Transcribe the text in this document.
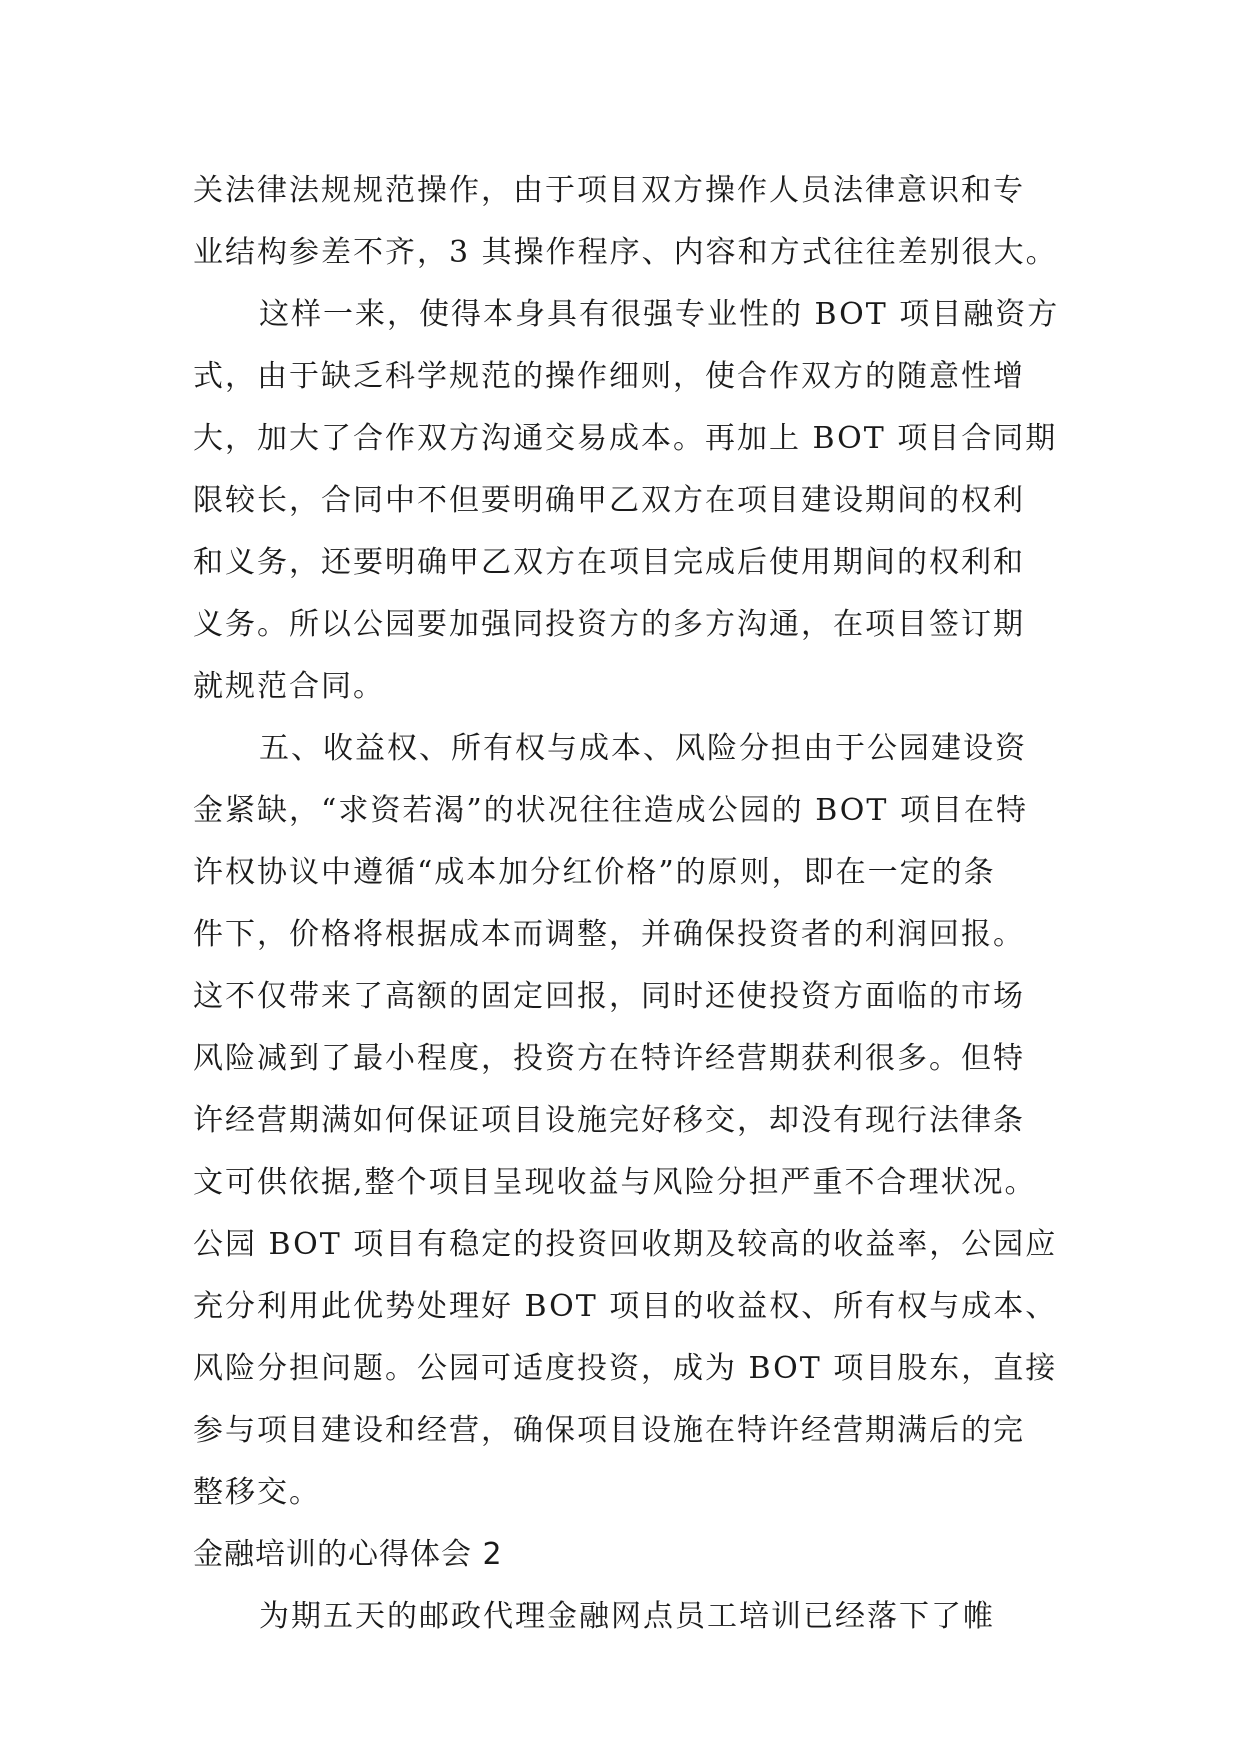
关法律法规规范操作，由于项目双方操作人员法律意识和专
业结构参差不齐，3 其操作程序、内容和方式往往差别很大。
这样一来，使得本身具有很强专业性的 BOT 项目融资方
式，由于缺乏科学规范的操作细则，使合作双方的随意性增
大，加大了合作双方沟通交易成本。再加上 BOT 项目合同期
限较长，合同中不但要明确甲乙双方在项目建设期间的权利
和义务，还要明确甲乙双方在项目完成后使用期间的权利和
义务。所以公园要加强同投资方的多方沟通，在项目签订期
就规范合同。
五、收益权、所有权与成本、风险分担由于公园建设资
金紧缺，“求资若渴”的状况往往造成公园的 BOT 项目在特
许权协议中遵循“成本加分红价格”的原则，即在一定的条
件下，价格将根据成本而调整，并确保投资者的利润回报。
这不仅带来了高额的固定回报，同时还使投资方面临的市场
风险减到了最小程度，投资方在特许经营期获利很多。但特
许经营期满如何保证项目设施完好移交，却没有现行法律条
文可供依据,整个项目呈现收益与风险分担严重不合理状况。
公园 BOT 项目有稳定的投资回收期及较高的收益率，公园应
充分利用此优势处理好 BOT 项目的收益权、所有权与成本、
风险分担问题。公园可适度投资，成为 BOT 项目股东，直接
参与项目建设和经营，确保项目设施在特许经营期满后的完
整移交。
金融培训的心得体会 2
为期五天的邮政代理金融网点员工培训已经落下了帷
